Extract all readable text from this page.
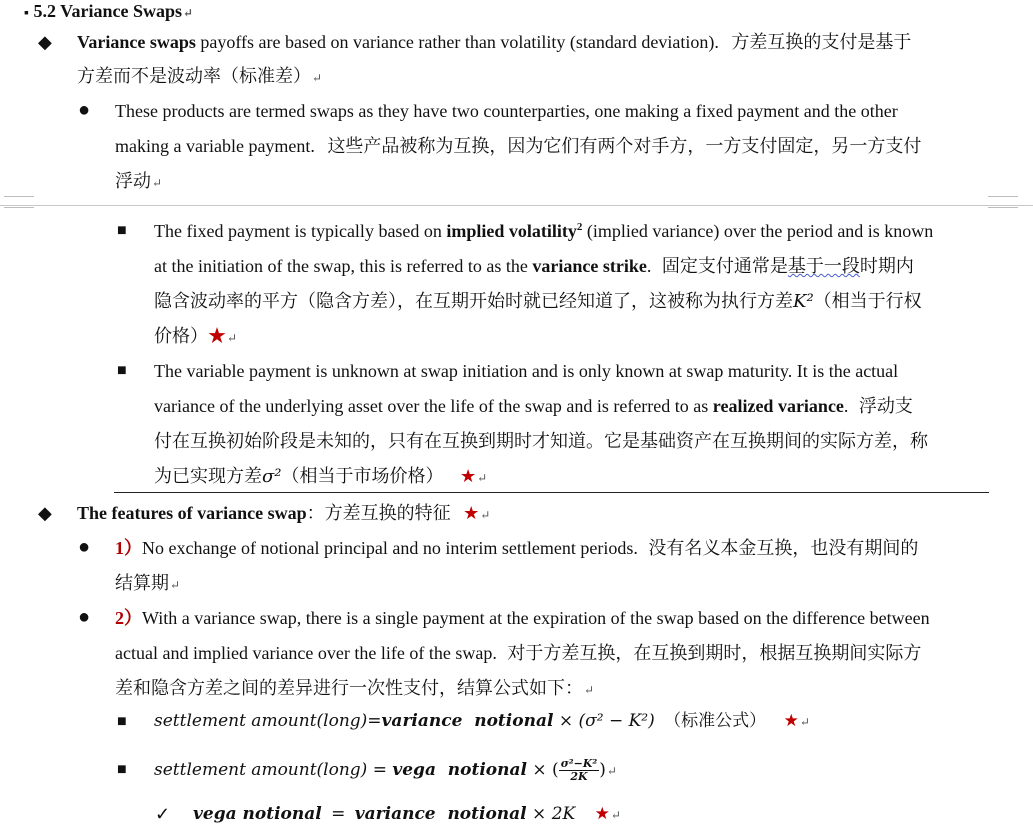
▪ 5.2 Variance Swaps↵
◆ Variance swaps payoffs are based on variance rather than volatility (standard deviation). 方差互换的支付是基于
方差而不是波动率（标准差）↵
● These products are termed swaps as they have two counterparties, one making a fixed payment and the other
making a variable payment. 这些产品被称为互换，因为它们有两个对手方，一方支付固定，另一方支付
浮动↵
■ The fixed payment is typically based on implied volatility$^2$ (implied variance) over the period and is known
at the initiation of the swap, this is referred to as the variance strike. 固定支付通常是基于一段时期内
隐含波动率的平方（隐含方差），在互期开始时就已经知道了，这被称为执行方差K²（相当于行权
价格）★↵
■ The variable payment is unknown at swap initiation and is only known at swap maturity. It is the actual
variance of the underlying asset over the life of the swap and is referred to as realized variance. 浮动支
付在互换初始阶段是未知的，只有在互换到期时才知道。它是基础资产在互换期间的实际方差，称
为已实现方差σ²（相当于市场价格） ★↵
◆ The features of variance swap：方差互换的特征 ★↵
● 1）No exchange of notional principal and no interim settlement periods. 没有名义本金互换，也没有期间的
结算期↵
● 2）With a variance swap, there is a single payment at the expiration of the swap based on the difference between
actual and implied variance over the life of the swap. 对于方差互换，在互换到期时，根据互换期间实际方
差和隐含方差之间的差异进行一次性支付，结算公式如下：↵
■ settlement amount(long)=variance  notional × (σ² − K²) （标准公式） ★↵
■ settlement amount(long) = vega  notional × ( $\frac{\text{σ²−K²}}{2K}$ )↵
✓ vega notional = variance  notional × 2K ★↵
